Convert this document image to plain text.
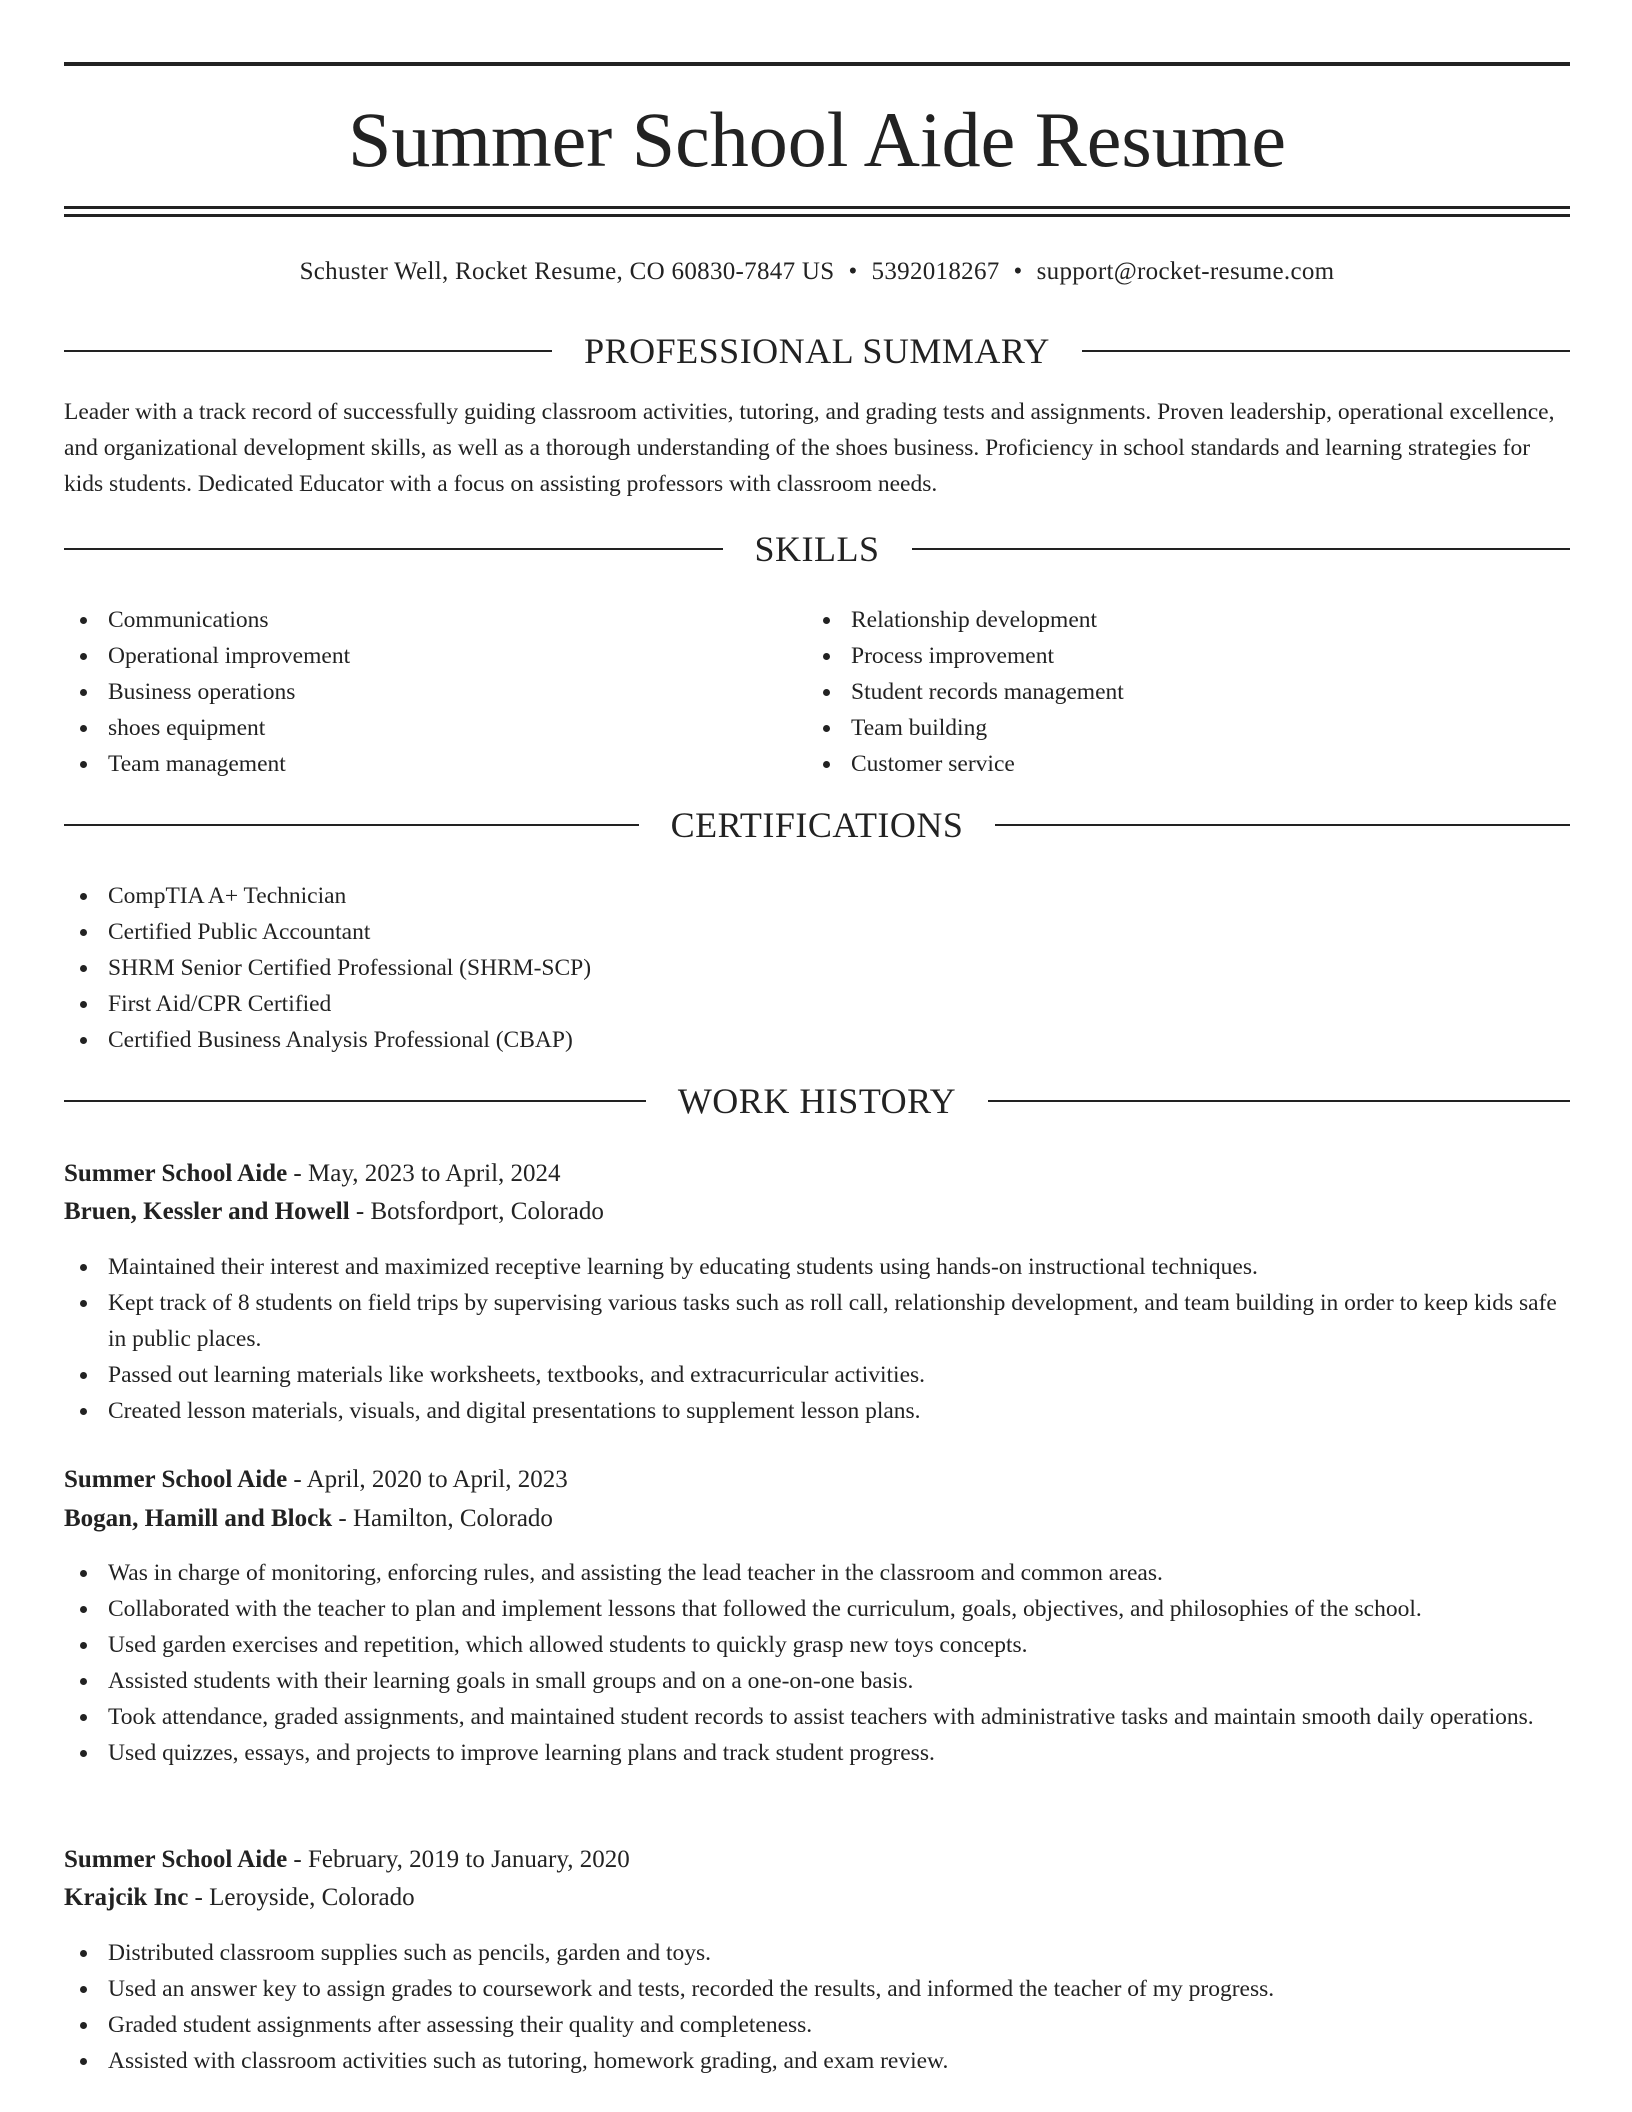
Summer School Aide Resume
Schuster Well, Rocket Resume, CO 60830-7847 US • 5392018267 • support@rocket-resume.com
PROFESSIONAL SUMMARY
Leader with a track record of successfully guiding classroom activities, tutoring, and grading tests and assignments. Proven leadership, operational excellence, and organizational development skills, as well as a thorough understanding of the shoes business. Proficiency in school standards and learning strategies for kids students. Dedicated Educator with a focus on assisting professors with classroom needs.
SKILLS
Communications
Operational improvement
Business operations
shoes equipment
Team management
Relationship development
Process improvement
Student records management
Team building
Customer service
CERTIFICATIONS
CompTIA A+ Technician
Certified Public Accountant
SHRM Senior Certified Professional (SHRM-SCP)
First Aid/CPR Certified
Certified Business Analysis Professional (CBAP)
WORK HISTORY
Summer School Aide - May, 2023 to April, 2024
Bruen, Kessler and Howell - Botsfordport, Colorado
Maintained their interest and maximized receptive learning by educating students using hands-on instructional techniques.
Kept track of 8 students on field trips by supervising various tasks such as roll call, relationship development, and team building in order to keep kids safe in public places.
Passed out learning materials like worksheets, textbooks, and extracurricular activities.
Created lesson materials, visuals, and digital presentations to supplement lesson plans.
Summer School Aide - April, 2020 to April, 2023
Bogan, Hamill and Block - Hamilton, Colorado
Was in charge of monitoring, enforcing rules, and assisting the lead teacher in the classroom and common areas.
Collaborated with the teacher to plan and implement lessons that followed the curriculum, goals, objectives, and philosophies of the school.
Used garden exercises and repetition, which allowed students to quickly grasp new toys concepts.
Assisted students with their learning goals in small groups and on a one-on-one basis.
Took attendance, graded assignments, and maintained student records to assist teachers with administrative tasks and maintain smooth daily operations.
Used quizzes, essays, and projects to improve learning plans and track student progress.
Summer School Aide - February, 2019 to January, 2020
Krajcik Inc - Leroyside, Colorado
Distributed classroom supplies such as pencils, garden and toys.
Used an answer key to assign grades to coursework and tests, recorded the results, and informed the teacher of my progress.
Graded student assignments after assessing their quality and completeness.
Assisted with classroom activities such as tutoring, homework grading, and exam review.
